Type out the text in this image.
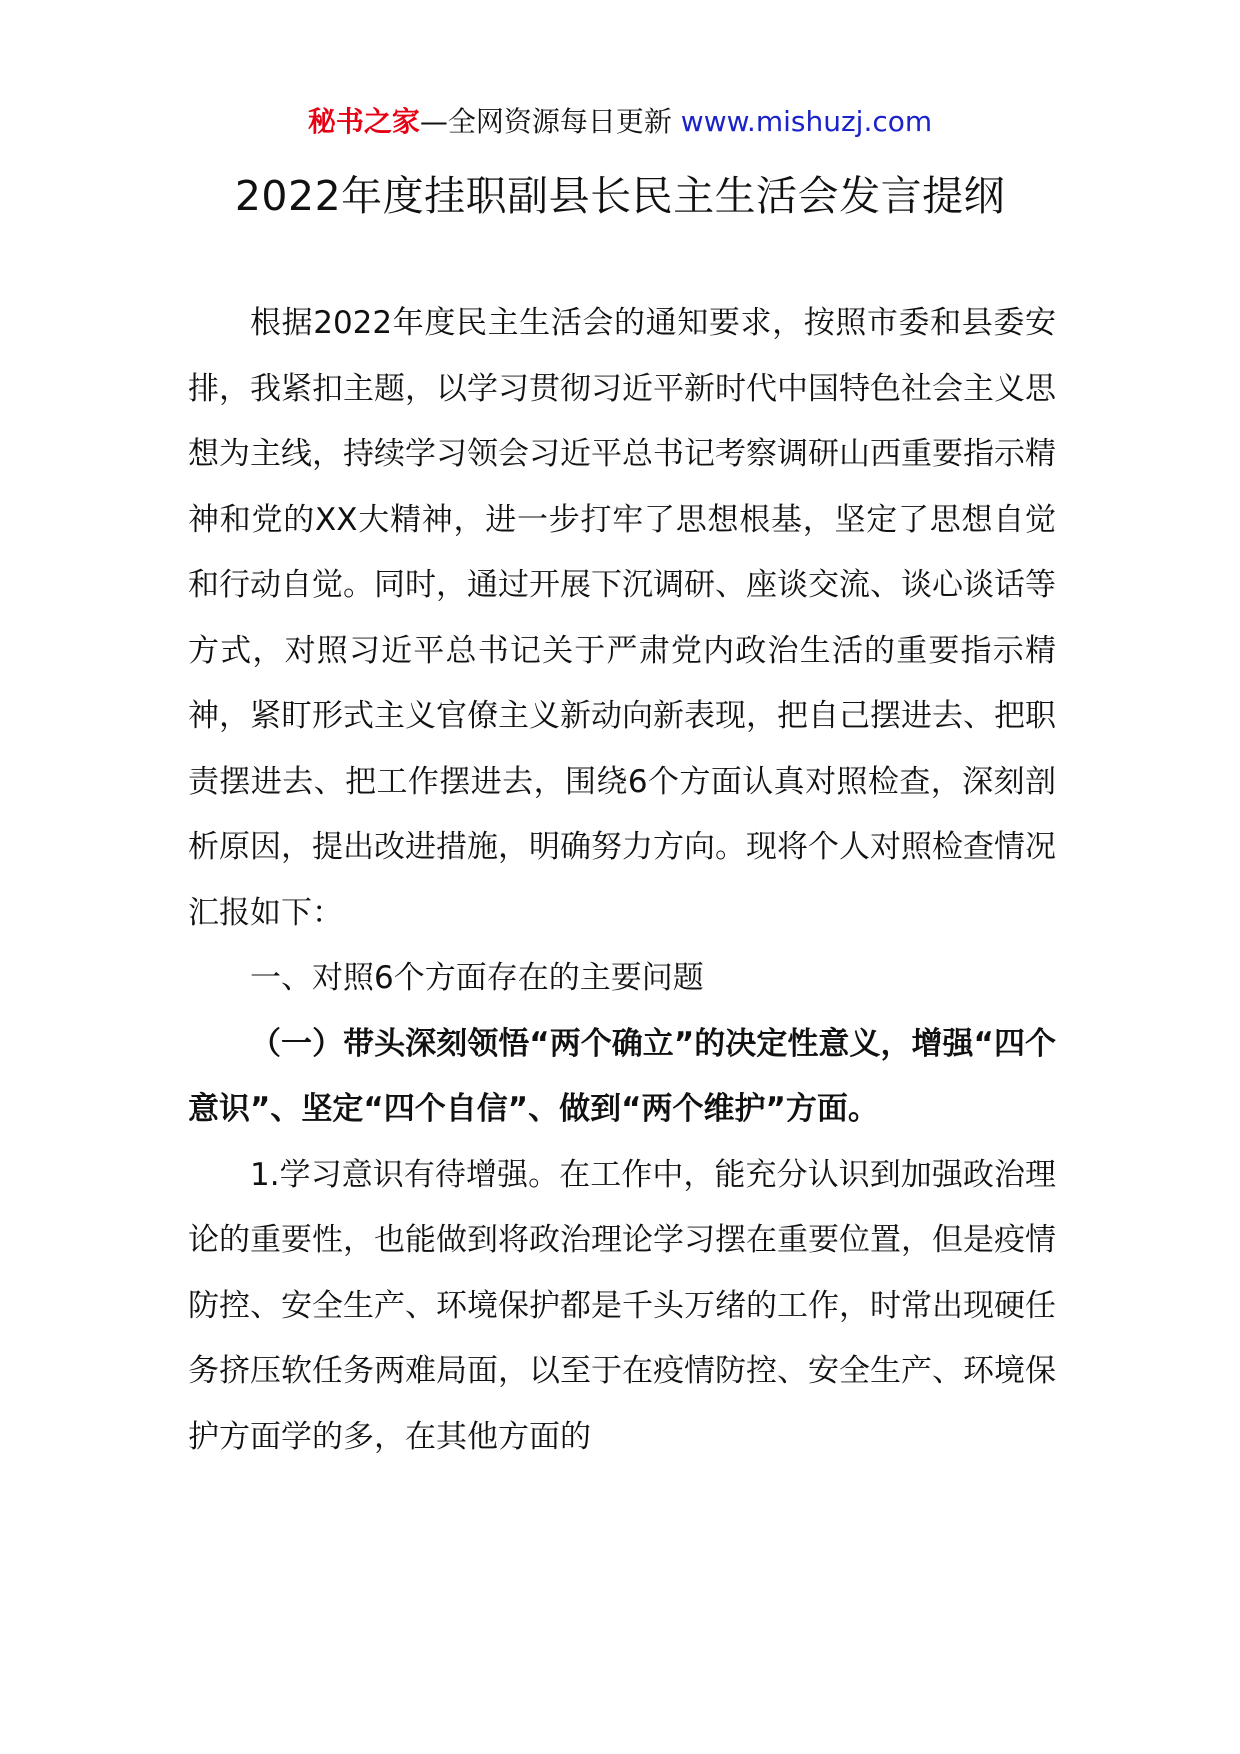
秘书之家—全网资源每日更新 www.mishuzj.com
2022年度挂职副县长民主生活会发言提纲

根据2022年度民主生活会的通知要求，按照市委和县委安排，我紧扣主题，以学习贯彻习近平新时代中国特色社会主义思想为主线，持续学习领会习近平总书记考察调研山西重要指示精神和党的XX大精神，进一步打牢了思想根基，坚定了思想自觉和行动自觉。同时，通过开展下沉调研、座谈交流、谈心谈话等方式，对照习近平总书记关于严肃党内政治生活的重要指示精神，紧盯形式主义官僚主义新动向新表现，把自己摆进去、把职责摆进去、把工作摆进去，围绕6个方面认真对照检查，深刻剖析原因，提出改进措施，明确努力方向。现将个人对照检查情况汇报如下：

一、对照6个方面存在的主要问题

（一）带头深刻领悟“两个确立”的决定性意义，增强“四个意识”、坚定“四个自信”、做到“两个维护”方面。

1.学习意识有待增强。在工作中，能充分认识到加强政治理论的重要性，也能做到将政治理论学习摆在重要位置，但是疫情防控、安全生产、环境保护都是千头万绪的工作，时常出现硬任务挤压软任务两难局面，以至于在疫情防控、安全生产、环境保护方面学的多，在其他方面的
